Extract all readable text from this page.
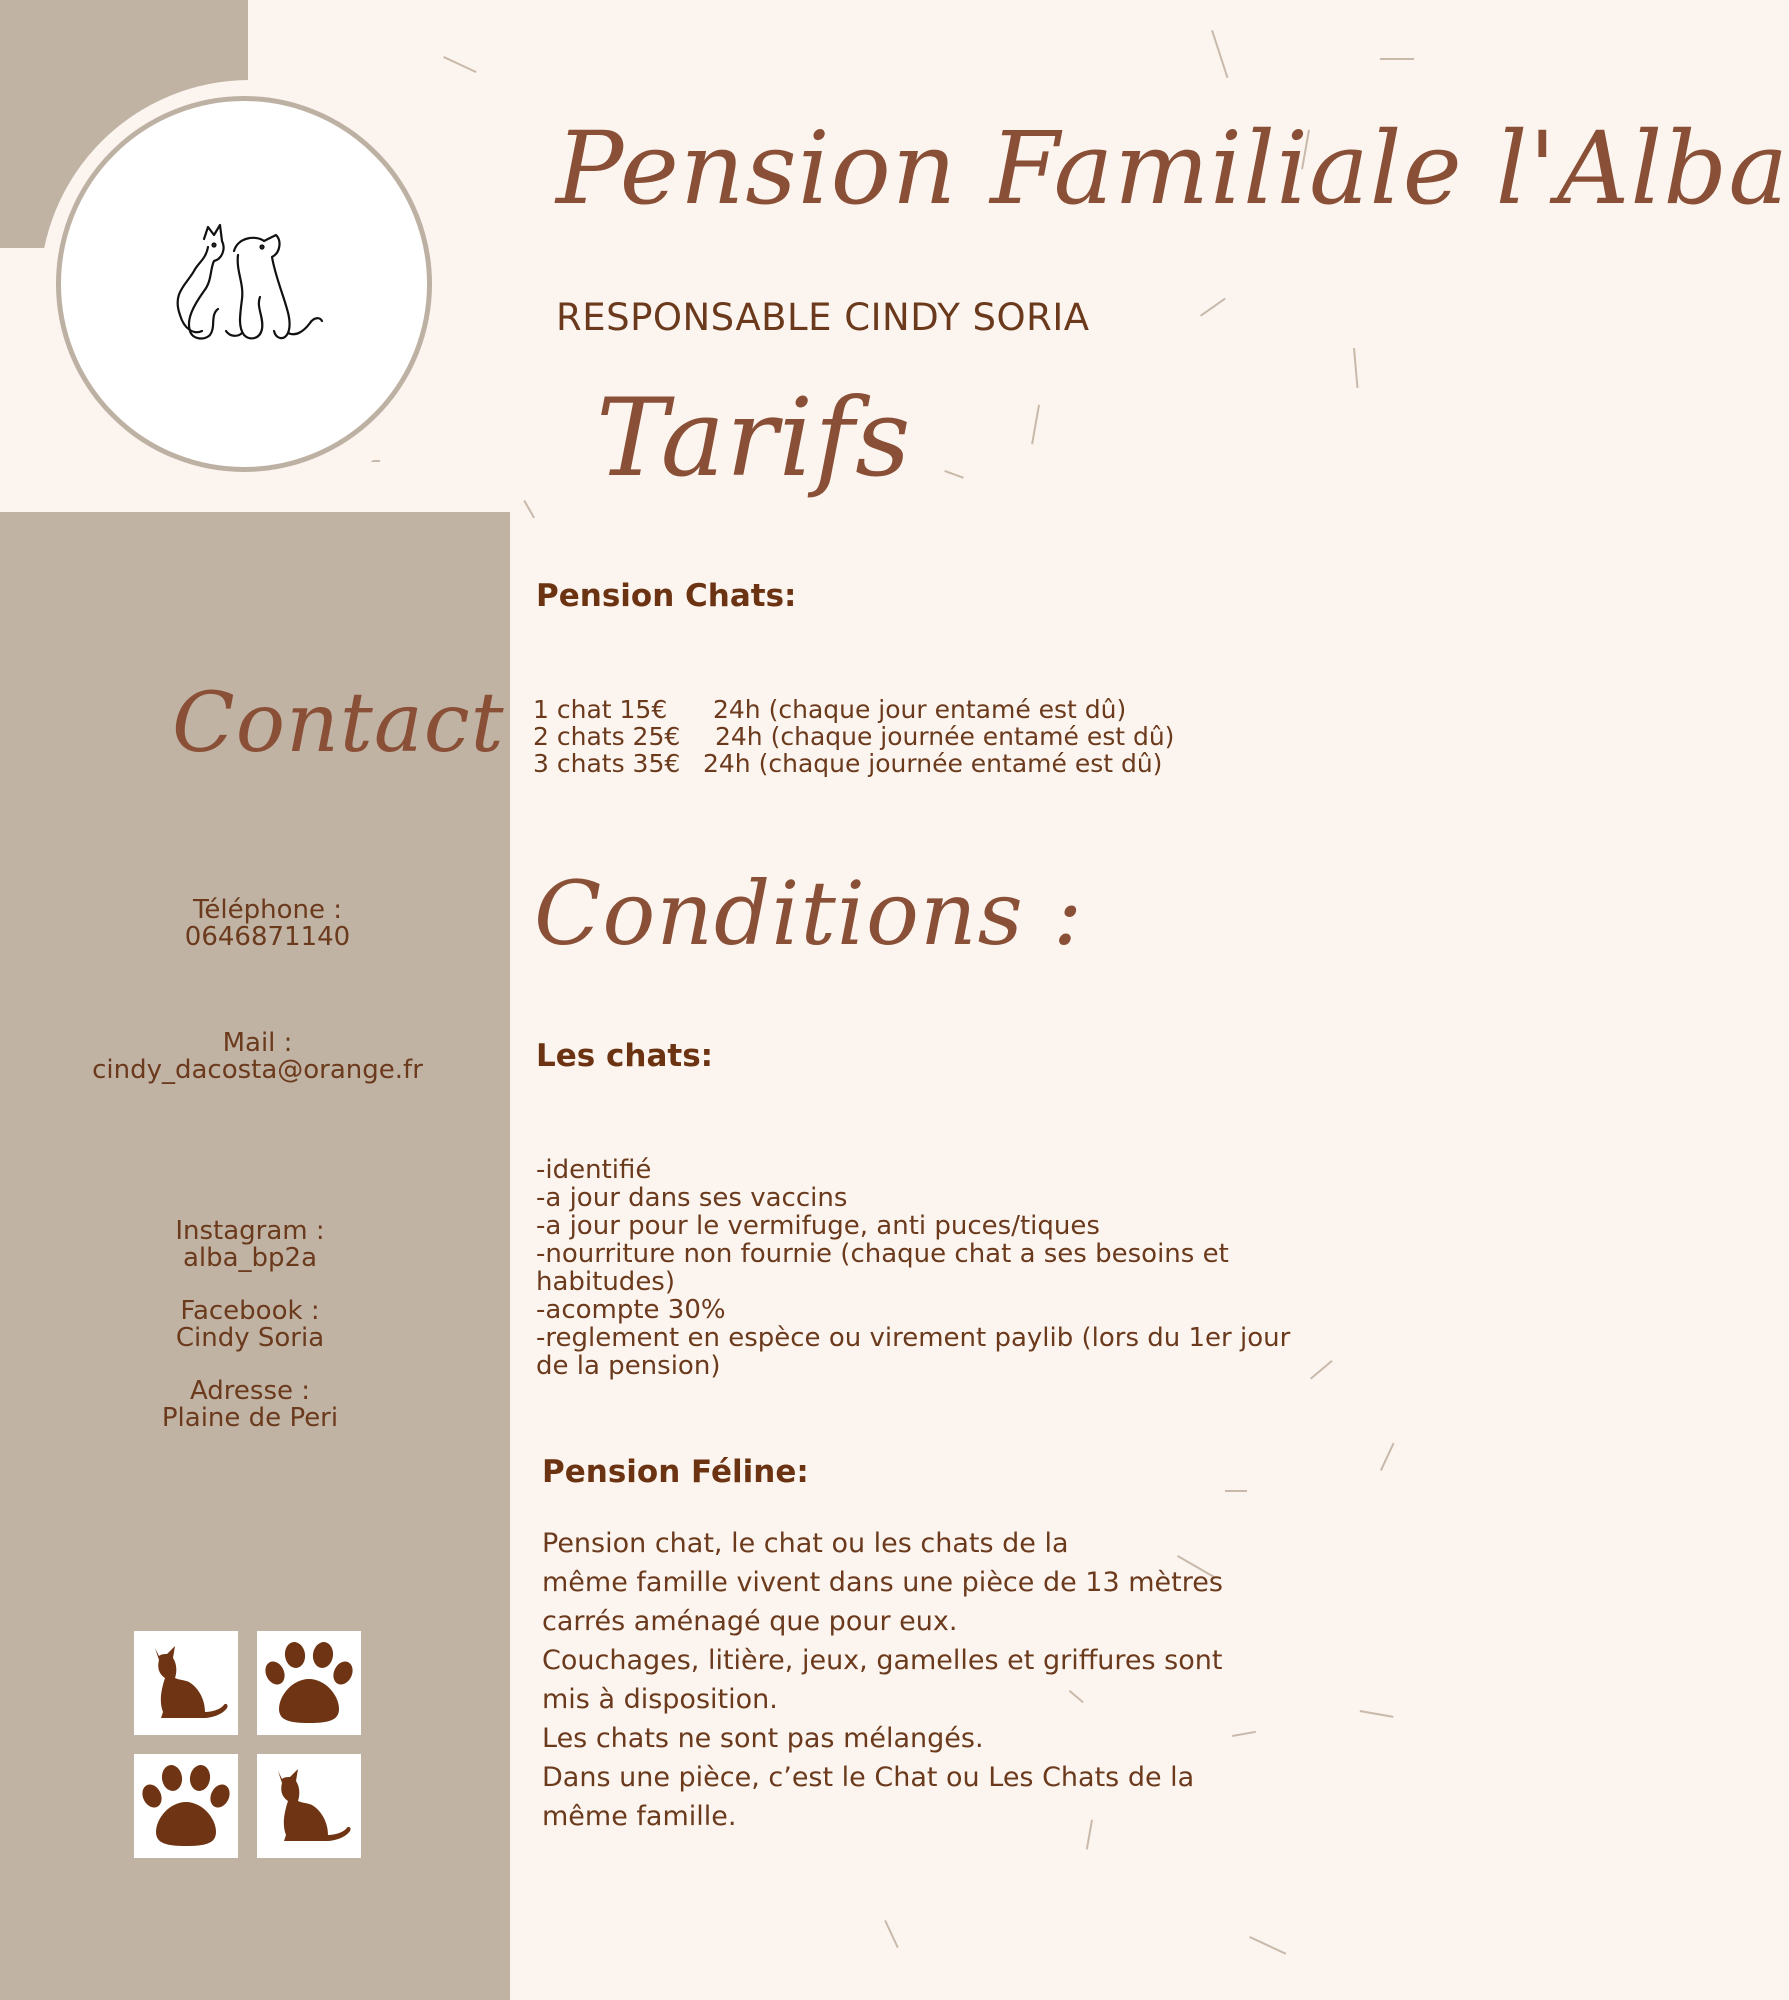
Pension Familiale l'Alba
RESPONSABLE CINDY SORIA
Tarifs
Pension Chats:
1 chat 15€ 24h (chaque jour entamé est dû)
2 chats 25€ 24h (chaque journée entamé est dû)
3 chats 35€ 24h (chaque journée entamé est dû)
Conditions :
Les chats:
-identifié
-a jour dans ses vaccins
-a jour pour le vermifuge, anti puces/tiques
-nourriture non fournie (chaque chat a ses besoins et habitudes)
-acompte 30%
-reglement en espèce ou virement paylib (lors du 1er jour de la pension)
Pension Féline:
Pension chat, le chat ou les chats de la
même famille vivent dans une pièce de 13 mètres
carrés aménagé que pour eux.
Couchages, litière, jeux, gamelles et griffures sont
mis à disposition.
Les chats ne sont pas mélangés.
Dans une pièce, c’est le Chat ou Les Chats de la
même famille.
Contact
Téléphone :
0646871140
Mail :
cindy_dacosta@orange.fr
Instagram :
alba_bp2a
Facebook :
Cindy Soria
Adresse :
Plaine de Peri
